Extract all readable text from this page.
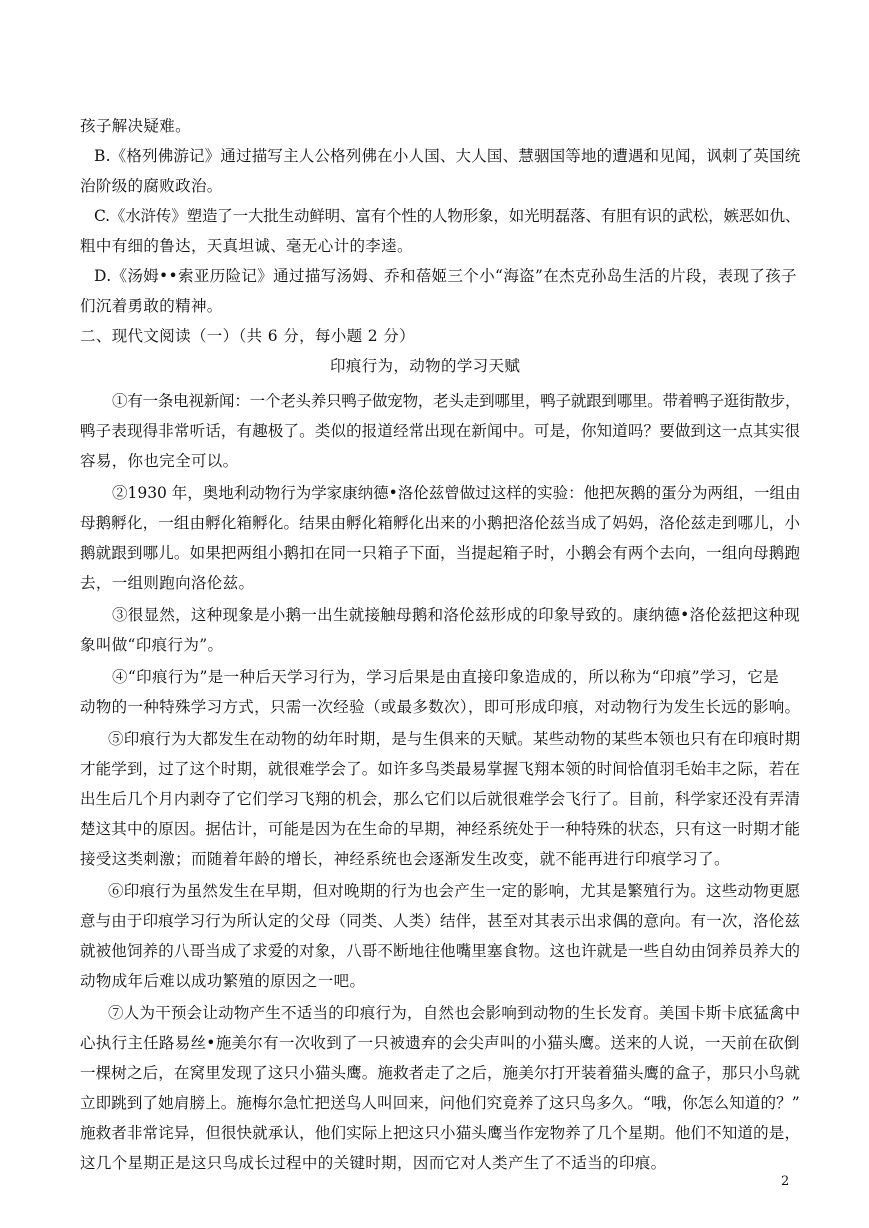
孩子解决疑难。
B.《格列佛游记》通过描写主人公格列佛在小人国、大人国、慧骃国等地的遭遇和见闻，讽刺了英国统
治阶级的腐败政治。
C.《水浒传》塑造了一大批生动鲜明、富有个性的人物形象，如光明磊落、有胆有识的武松，嫉恶如仇、
粗中有细的鲁达，天真坦诚、毫无心计的李逵。
D.《汤姆••索亚历险记》通过描写汤姆、乔和蓓姬三个小“海盗”在杰克孙岛生活的片段，表现了孩子
们沉着勇敢的精神。
二、现代文阅读（一）（共 6 分，每小题 2 分）
印痕行为，动物的学习天赋
①有一条电视新闻：一个老头养只鸭子做宠物，老头走到哪里，鸭子就跟到哪里。带着鸭子逛街散步，
鸭子表现得非常听话，有趣极了。类似的报道经常出现在新闻中。可是，你知道吗？要做到这一点其实很
容易，你也完全可以。
②1930 年，奥地利动物行为学家康纳德•洛伦兹曾做过这样的实验：他把灰鹅的蛋分为两组，一组由
母鹅孵化，一组由孵化箱孵化。结果由孵化箱孵化出来的小鹅把洛伦兹当成了妈妈，洛伦兹走到哪儿，小
鹅就跟到哪儿。如果把两组小鹅扣在同一只箱子下面，当提起箱子时，小鹅会有两个去向，一组向母鹅跑
去，一组则跑向洛伦兹。
③很显然，这种现象是小鹅一出生就接触母鹅和洛伦兹形成的印象导致的。康纳德•洛伦兹把这种现
象叫做“印痕行为”。
④“印痕行为”是一种后天学习行为，学习后果是由直接印象造成的，所以称为“印痕”学习，它是
动物的一种特殊学习方式，只需一次经验（或最多数次），即可形成印痕，对动物行为发生长远的影响。
⑤印痕行为大都发生在动物的幼年时期，是与生俱来的天赋。某些动物的某些本领也只有在印痕时期
才能学到，过了这个时期，就很难学会了。如许多鸟类最易掌握飞翔本领的时间恰值羽毛始丰之际，若在
出生后几个月内剥夺了它们学习飞翔的机会，那么它们以后就很难学会飞行了。目前，科学家还没有弄清
楚这其中的原因。据估计，可能是因为在生命的早期，神经系统处于一种特殊的状态，只有这一时期才能
接受这类刺激；而随着年龄的增长，神经系统也会逐渐发生改变，就不能再进行印痕学习了。
⑥印痕行为虽然发生在早期，但对晚期的行为也会产生一定的影响，尤其是繁殖行为。这些动物更愿
意与由于印痕学习行为所认定的父母（同类、人类）结伴，甚至对其表示出求偶的意向。有一次，洛伦兹
就被他饲养的八哥当成了求爱的对象，八哥不断地往他嘴里塞食物。这也许就是一些自幼由饲养员养大的
动物成年后难以成功繁殖的原因之一吧。
⑦人为干预会让动物产生不适当的印痕行为，自然也会影响到动物的生长发育。美国卡斯卡底猛禽中
心执行主任路易丝•施美尔有一次收到了一只被遗弃的会尖声叫的小猫头鹰。送来的人说，一天前在砍倒
一棵树之后，在窝里发现了这只小猫头鹰。施救者走了之后，施美尔打开装着猫头鹰的盒子，那只小鸟就
立即跳到了她肩膀上。施梅尔急忙把送鸟人叫回来，问他们究竟养了这只鸟多久。“哦，你怎么知道的？”
施救者非常诧异，但很快就承认，他们实际上把这只小猫头鹰当作宠物养了几个星期。他们不知道的是，
这几个星期正是这只鸟成长过程中的关键时期，因而它对人类产生了不适当的印痕。
2
